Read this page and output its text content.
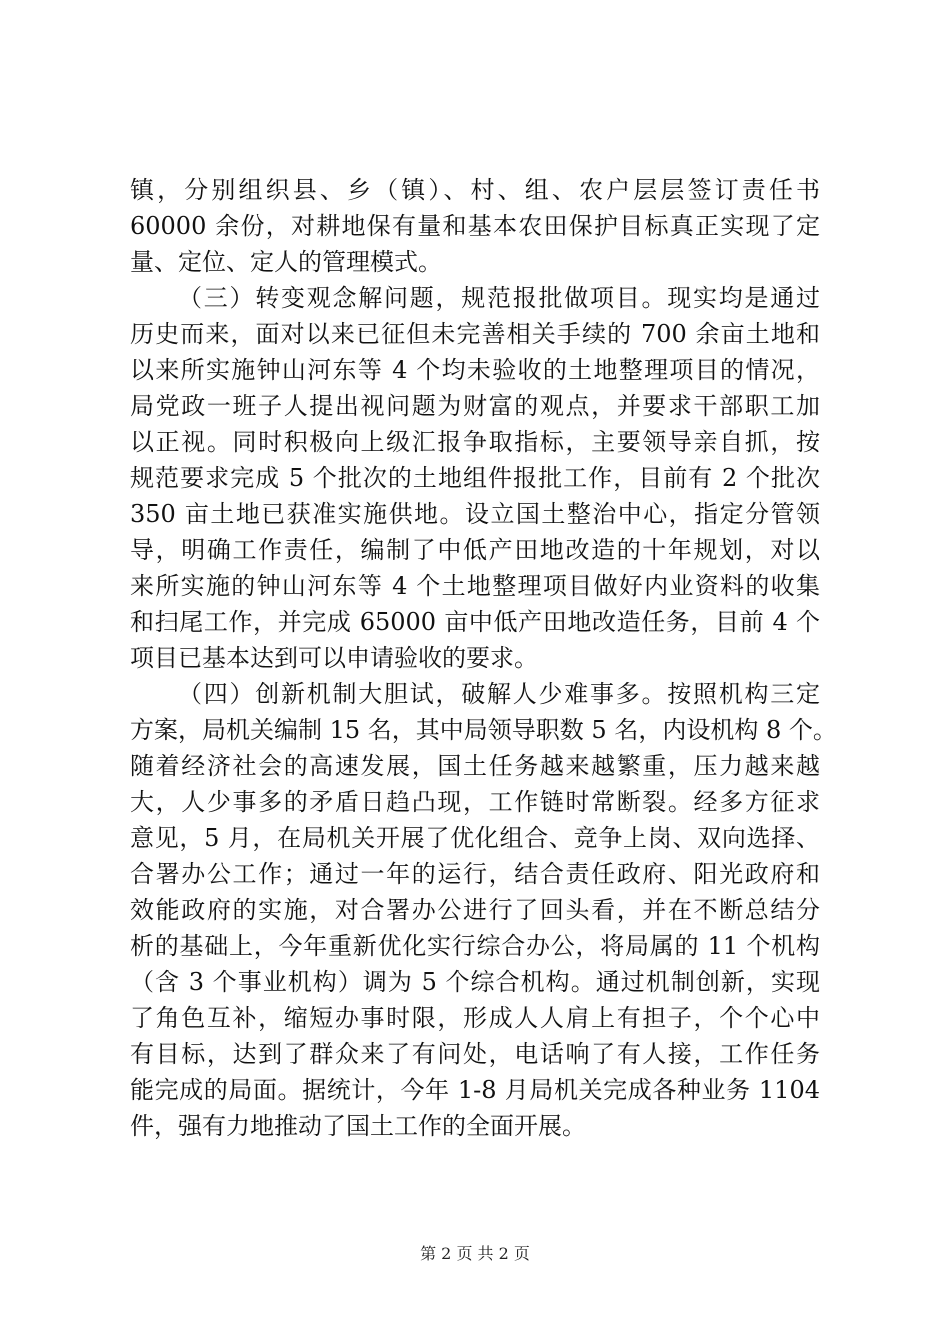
镇，分别组织县、乡（镇）、村、组、农户层层签订责任书
60000 余份，对耕地保有量和基本农田保护目标真正实现了定
量、定位、定人的管理模式。
（三）转变观念解问题，规范报批做项目。现实均是通过
历史而来，面对以来已征但未完善相关手续的 700 余亩土地和
以来所实施钟山河东等 4 个均未验收的土地整理项目的情况，
局党政一班子人提出视问题为财富的观点，并要求干部职工加
以正视。同时积极向上级汇报争取指标，主要领导亲自抓，按
规范要求完成 5 个批次的土地组件报批工作，目前有 2 个批次
350 亩土地已获准实施供地。设立国土整治中心，指定分管领
导，明确工作责任，编制了中低产田地改造的十年规划，对以
来所实施的钟山河东等 4 个土地整理项目做好内业资料的收集
和扫尾工作，并完成 65000 亩中低产田地改造任务，目前 4 个
项目已基本达到可以申请验收的要求。
（四）创新机制大胆试，破解人少难事多。按照机构三定
方案，局机关编制 15 名，其中局领导职数 5 名，内设机构 8 个。
随着经济社会的高速发展，国土任务越来越繁重，压力越来越
大，人少事多的矛盾日趋凸现，工作链时常断裂。经多方征求
意见，5 月，在局机关开展了优化组合、竞争上岗、双向选择、
合署办公工作；通过一年的运行，结合责任政府、阳光政府和
效能政府的实施，对合署办公进行了回头看，并在不断总结分
析的基础上，今年重新优化实行综合办公，将局属的 11 个机构
（含 3 个事业机构）调为 5 个综合机构。通过机制创新，实现
了角色互补，缩短办事时限，形成人人肩上有担子，个个心中
有目标，达到了群众来了有问处，电话响了有人接，工作任务
能完成的局面。据统计，今年 1-8 月局机关完成各种业务 1104
件，强有力地推动了国土工作的全面开展。
第 2 页 共 2 页
